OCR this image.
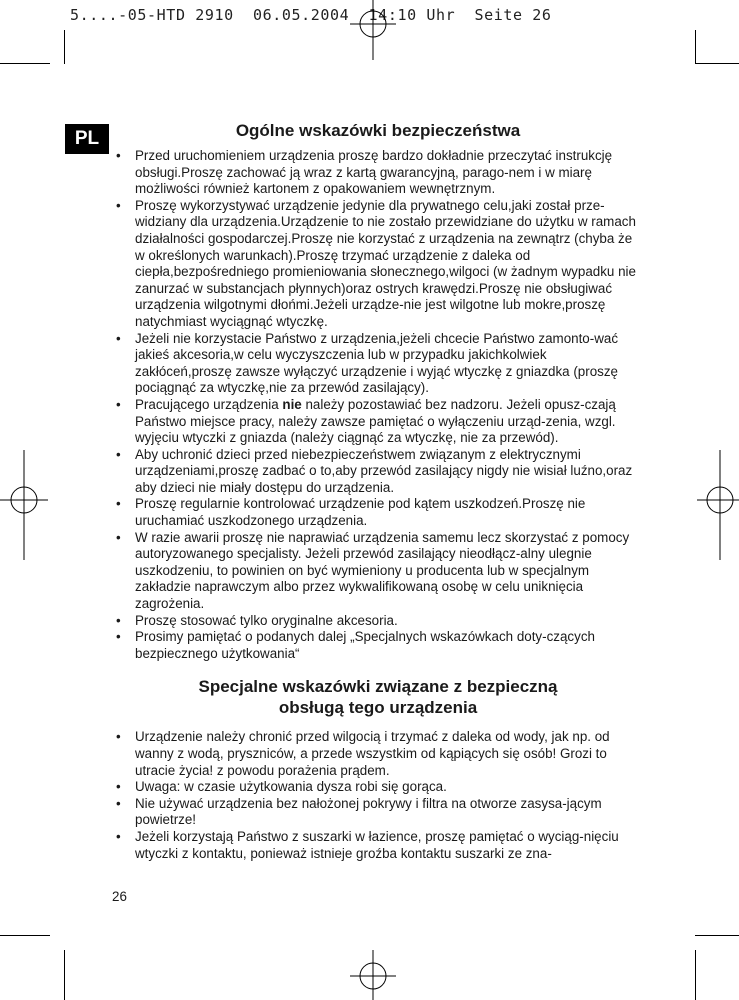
5....-05-HTD 2910  06.05.2004  14:10 Uhr  Seite 26
PL	Ogólne wskazówki bezpieczeństwa
• Przed uruchomieniem urządzenia proszę bardzo dokładnie przeczytać instrukcję obsługi.Proszę zachować ją wraz z kartą gwarancyjną, parago-nem i w miarę możliwości również kartonem z opakowaniem wewnętrznym.
• Proszę wykorzystywać urządzenie jedynie dla prywatnego celu,jaki został prze-widziany dla urządzenia.Urządzenie to nie zostało przewidziane do użytku w ramach działalności gospodarczej.Proszę nie korzystać z urządzenia na zewnątrz (chyba że w określonych warunkach).Proszę trzymać urządzenie z daleka od ciepła,bezpośredniego promieniowania słonecznego,wilgoci (w żadnym wypadku nie zanurzać w substancjach płynnych)oraz ostrych krawędzi.Proszę nie obsługiwać urządzenia wilgotnymi dłońmi.Jeżeli urządze-nie jest wilgotne lub mokre,proszę natychmiast wyciągnąć wtyczkę.
• Jeżeli nie korzystacie Państwo z urządzenia,jeżeli chcecie Państwo zamonto-wać jakieś akcesoria,w celu wyczyszczenia lub w przypadku jakichkolwiek zakłóceń,proszę zawsze wyłączyć urządzenie i wyjąć wtyczkę z gniazdka (proszę pociągnąć za wtyczkę,nie za przewód zasilający).
• Pracującego urządzenia nie należy pozostawiać bez nadzoru. Jeżeli opusz-czają Państwo miejsce pracy, należy zawsze pamiętać o wyłączeniu urząd-zenia, wzgl. wyjęciu wtyczki z gniazda (należy ciągnąć za wtyczkę, nie za przewód).
• Aby uchronić dzieci przed niebezpieczeństwem związanym z elektrycznymi urządzeniami,proszę zadbać o to,aby przewód zasilający nigdy nie wisiał luźno,oraz aby dzieci nie miały dostępu do urządzenia.
• Proszę regularnie kontrolować urządzenie pod kątem uszkodzeń.Proszę nie uruchamiać uszkodzonego urządzenia.
• W razie awarii proszę nie naprawiać urządzenia samemu lecz skorzystać z pomocy autoryzowanego specjalisty. Jeżeli przewód zasilający nieodłącz-alny ulegnie uszkodzeniu, to powinien on być wymieniony u producenta lub w specjalnym zakładzie naprawczym albo przez wykwalifikowaną osobę w celu uniknięcia zagrożenia.
• Proszę stosować tylko oryginalne akcesoria.
• Prosimy pamiętać o podanych dalej „Specjalnych wskazówkach doty-czących bezpiecznego użytkowania“
Specjalne wskazówki związane z bezpieczną
obsługą tego urządzenia
• Urządzenie należy chronić przed wilgocią i trzymać z daleka od wody, jak np. od wanny z wodą, pryszniców, a przede wszystkim od kąpiących się osób! Grozi to utracie życia! z powodu porażenia prądem.
• Uwaga: w czasie użytkowania dysza robi się gorąca.
• Nie używać urządzenia bez nałożonej pokrywy i filtra na otworze zasysa-jącym powietrze!
• Jeżeli korzystają Państwo z suszarki w łazience, proszę pamiętać o wyciąg-nięciu wtyczki z kontaktu, ponieważ istnieje groźba kontaktu suszarki ze zna-
26
